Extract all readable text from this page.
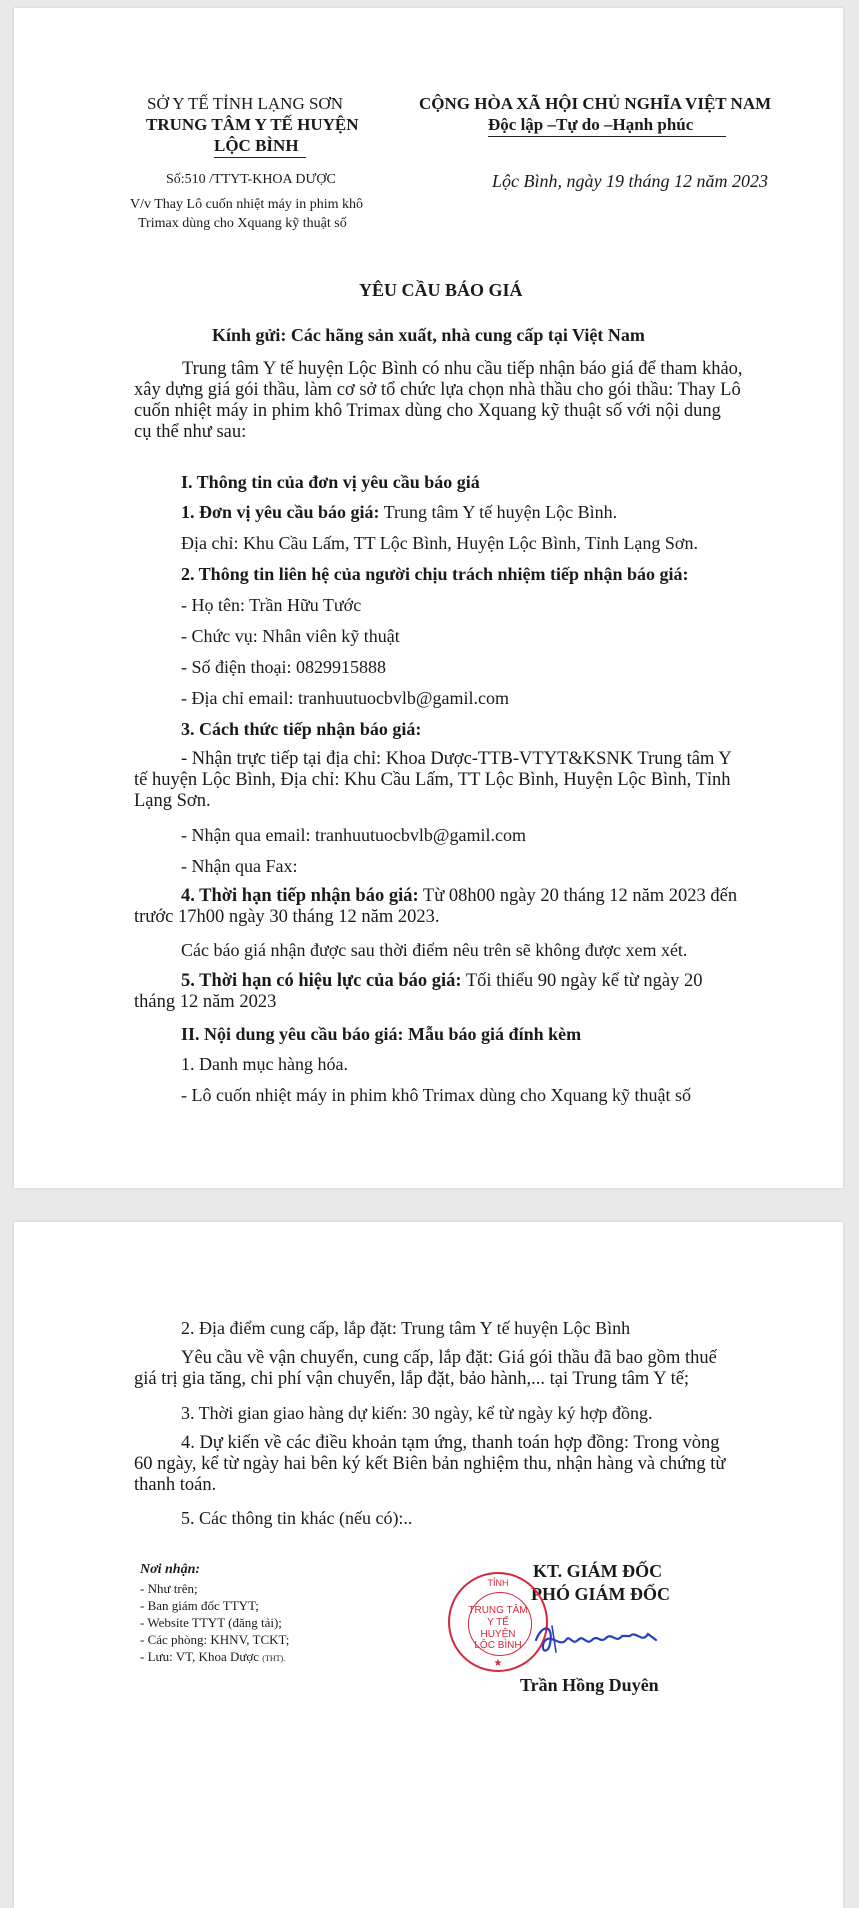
SỞ Y TẾ TỈNH LẠNG SƠN
TRUNG TÂM Y TẾ HUYỆN
LỘC BÌNH
CỘNG HÒA XÃ HỘI CHỦ NGHĨA VIỆT NAM
Độc lập –Tự do –Hạnh phúc
Số:510 /TTYT-KHOA DƯỢC
V/v Thay Lô cuốn nhiệt máy in phim khô
Trimax dùng cho Xquang kỹ thuật số
Lộc Bình, ngày 19 tháng 12 năm 2023
YÊU CẦU BÁO GIÁ
Kính gửi: Các hãng sản xuất, nhà cung cấp tại Việt Nam
Trung tâm Y tế huyện Lộc Bình có nhu cầu tiếp nhận báo giá để tham khảo,
xây dựng giá gói thầu, làm cơ sở tổ chức lựa chọn nhà thầu cho gói thầu: Thay Lô
cuốn nhiệt máy in phim khô Trimax dùng cho Xquang kỹ thuật số với nội dung
cụ thể như sau:
I. Thông tin của đơn vị yêu cầu báo giá
1. Đơn vị yêu cầu báo giá: Trung tâm Y tế huyện Lộc Bình.
Địa chỉ: Khu Cầu Lấm, TT Lộc Bình, Huyện Lộc Bình, Tỉnh Lạng Sơn.
2. Thông tin liên hệ của người chịu trách nhiệm tiếp nhận báo giá:
- Họ tên: Trần Hữu Tước
- Chức vụ: Nhân viên kỹ thuật
- Số điện thoại: 0829915888
- Địa chỉ email: tranhuutuocbvlb@gamil.com
3. Cách thức tiếp nhận báo giá:
- Nhận trực tiếp tại địa chỉ: Khoa Dược-TTB-VTYT&KSNK Trung tâm Y
tế huyện Lộc Bình, Địa chỉ: Khu Cầu Lấm, TT Lộc Bình, Huyện Lộc Bình, Tỉnh
Lạng Sơn.
- Nhận qua email: tranhuutuocbvlb@gamil.com
- Nhận qua Fax:
4. Thời hạn tiếp nhận báo giá: Từ 08h00 ngày 20 tháng 12 năm 2023 đến
trước 17h00 ngày 30 tháng 12 năm 2023.
Các báo giá nhận được sau thời điểm nêu trên sẽ không được xem xét.
5. Thời hạn có hiệu lực của báo giá: Tối thiểu 90 ngày kể từ ngày 20
tháng 12 năm 2023
II. Nội dung yêu cầu báo giá: Mẫu báo giá đính kèm
1. Danh mục hàng hóa.
- Lô cuốn nhiệt máy in phim khô Trimax dùng cho Xquang kỹ thuật số
2. Địa điểm cung cấp, lắp đặt: Trung tâm Y tế huyện Lộc Bình
Yêu cầu về vận chuyển, cung cấp, lắp đặt: Giá gói thầu đã bao gồm thuế
giá trị gia tăng, chi phí vận chuyển, lắp đặt, bảo hành,... tại Trung tâm Y tế;
3. Thời gian giao hàng dự kiến: 30 ngày, kể từ ngày ký hợp đồng.
4. Dự kiến về các điều khoản tạm ứng, thanh toán hợp đồng: Trong vòng
60 ngày, kể từ ngày hai bên ký kết Biên bản nghiệm thu, nhận hàng và chứng từ
thanh toán.
5. Các thông tin khác (nếu có):..
Nơi nhận:
- Như trên;
- Ban giám đốc TTYT;
- Website TTYT (đăng tải);
- Các phòng: KHNV, TCKT;
- Lưu: VT, Khoa Dược (THT).
KT. GIÁM ĐỐC
PHÓ GIÁM ĐỐC
TỈNH
TRUNG TÂM
Y TẾ
HUYỆN
LỘC BÌNH
★
Trần Hồng Duyên
